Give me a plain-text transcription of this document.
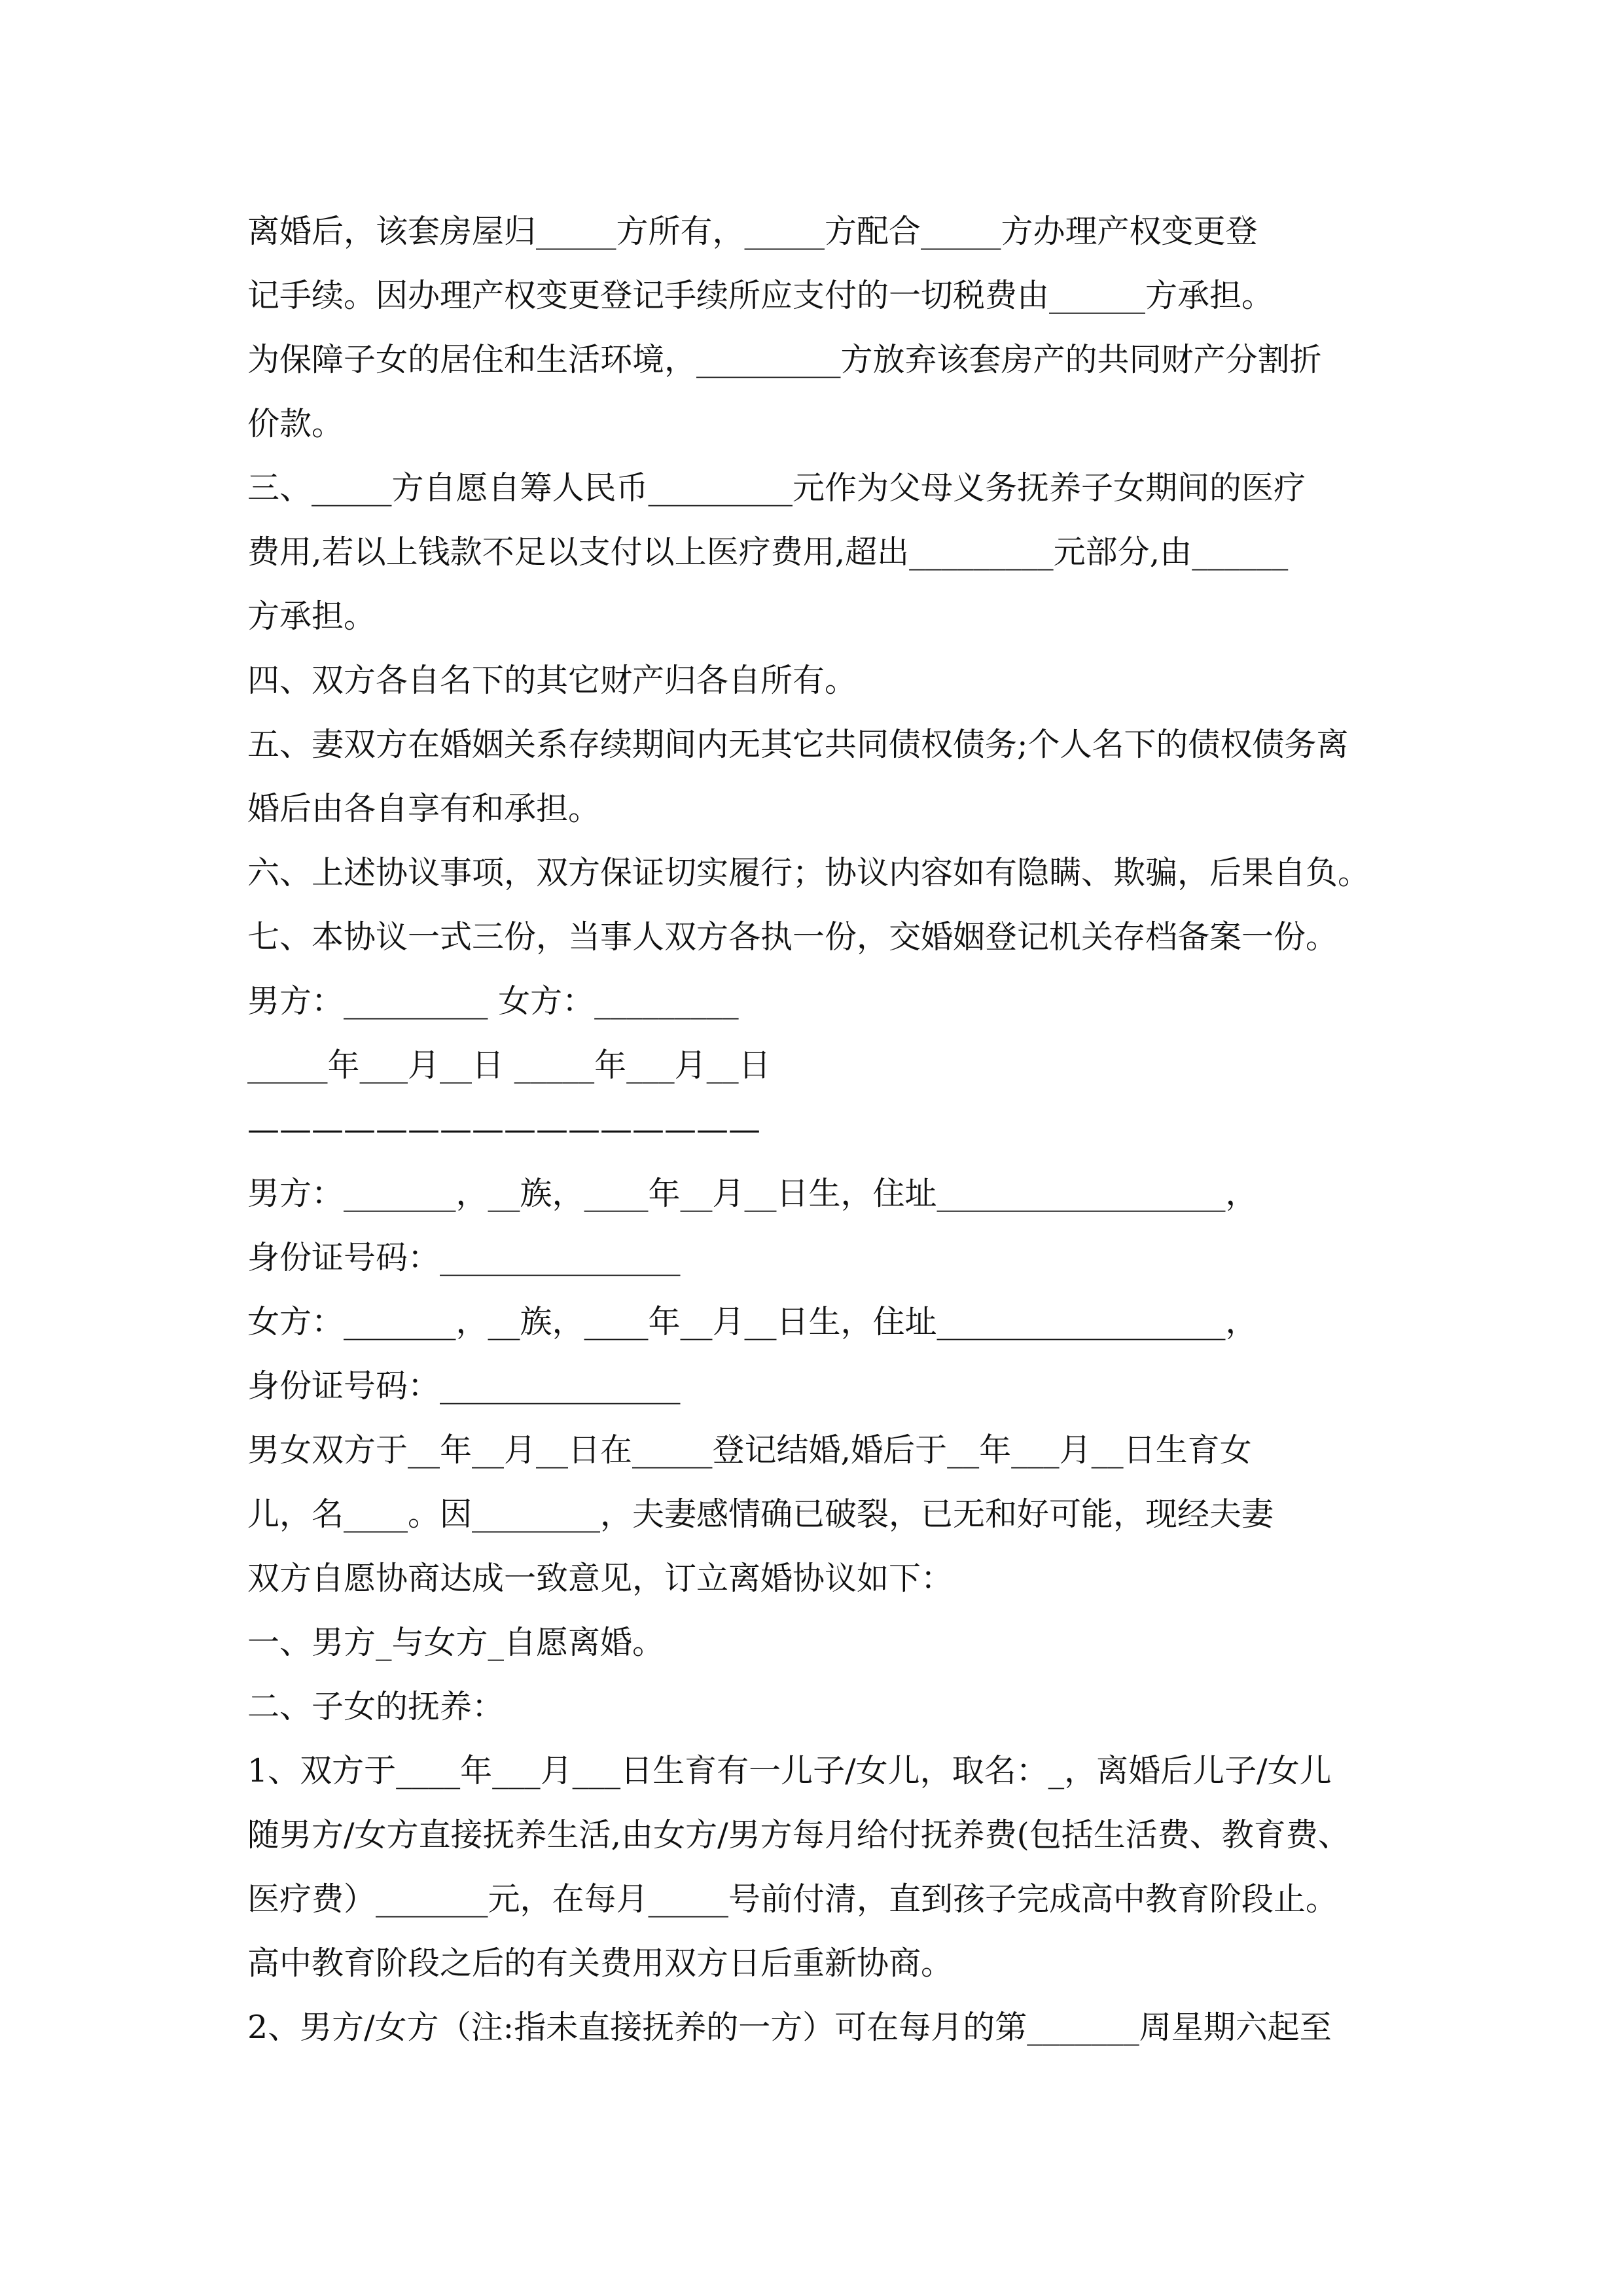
离婚后，该套房屋归_____方所有，_____方配合_____方办理产权变更登
记手续。因办理产权变更登记手续所应支付的一切税费由______方承担。
为保障子女的居住和生活环境，_________方放弃该套房产的共同财产分割折
价款。
三、_____方自愿自筹人民币_________元作为父母义务抚养子女期间的医疗
费用,若以上钱款不足以支付以上医疗费用,超出_________元部分,由______
方承担。
四、双方各自名下的其它财产归各自所有。
五、妻双方在婚姻关系存续期间内无其它共同债权债务;个人名下的债权债务离
婚后由各自享有和承担。
六、上述协议事项，双方保证切实履行；协议内容如有隐瞒、欺骗，后果自负。
七、本协议一式三份，当事人双方各执一份，交婚姻登记机关存档备案一份。
男方：_________ 女方：_________
_____年___月__日 _____年___月__日
————————————————
男方：_______，__族，____年__月__日生，住址__________________，
身份证号码：_______________
女方：_______，__族，____年__月__日生，住址__________________，
身份证号码：_______________
男女双方于__年__月__日在_____登记结婚,婚后于__年___月__日生育女
儿，名____。因________，夫妻感情确已破裂，已无和好可能，现经夫妻
双方自愿协商达成一致意见，订立离婚协议如下：
一、男方_与女方_自愿离婚。
二、子女的抚养：
1、双方于____年___月___日生育有一儿子/女儿，取名：_，离婚后儿子/女儿
随男方/女方直接抚养生活,由女方/男方每月给付抚养费(包括生活费、教育费、
医疗费）_______元，在每月_____号前付清，直到孩子完成高中教育阶段止。
高中教育阶段之后的有关费用双方日后重新协商。
2、男方/女方（注:指未直接抚养的一方）可在每月的第_______周星期六起至
